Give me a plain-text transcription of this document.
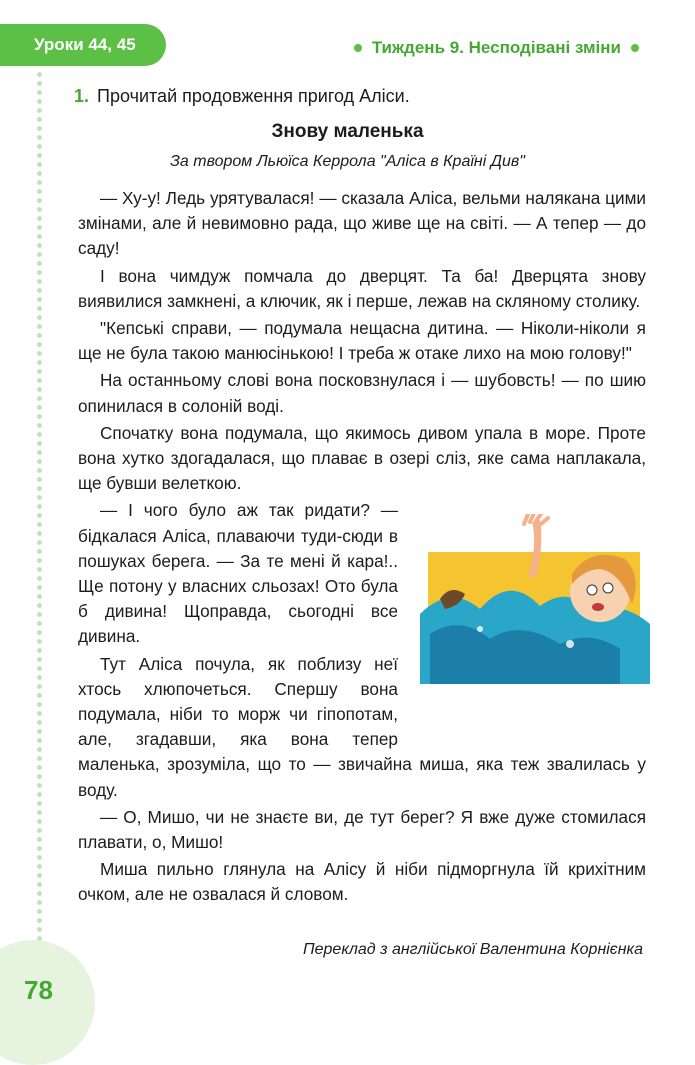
Уроки 44, 45	Тиждень 9. Несподівані зміни
1. Прочитай продовження пригод Аліси.
Знову маленька
За твором Льюїса Керрола "Аліса в Країні Див"

— Ху-у! Ледь урятувалася! — сказала Аліса, вельми налякана цими змінами, але й невимовно рада, що живе ще на світі. — А тепер — до саду!

І вона чимдуж помчала до дверцят. Та ба! Дверцята знову виявилися замкнені, а ключик, як і перше, лежав на скляному столику.

"Кепські справи, — подумала нещасна дитина. — Ніколи-ніколи я ще не була такою манюсінькою! І треба ж отаке лихо на мою голову!"

На останньому слові вона посковзнулася і — шубовсть! — по шию опинилася в солоній воді.

Спочатку вона подумала, що якимось дивом упала в море. Проте вона хутко здогадалася, що плаває в озері сліз, яке сама наплакала, ще бувши велеткою.

— І чого було аж так ридати? — бідкалася Аліса, плаваючи туди-сюди в пошуках берега. — За те мені й кара!.. Ще потону у власних сльозах! Ото була б дивина! Щоправда, сьогодні все дивина.

Тут Аліса почула, як поблизу неї хтось хлюпочеться. Спершу вона подумала, ніби то морж чи гіпопотам, але, згадавши, яка вона тепер маленька, зрозуміла, що то — звичайна миша, яка теж звалилась у воду.

— О, Мишо, чи не знаєте ви, де тут берег? Я вже дуже стомилася плавати, о, Мишо!

Миша пильно глянула на Алісу й ніби підморгнула їй крихітним очком, але не озвалася й словом.

Переклад з англійської Валентина Корнієнка
78
